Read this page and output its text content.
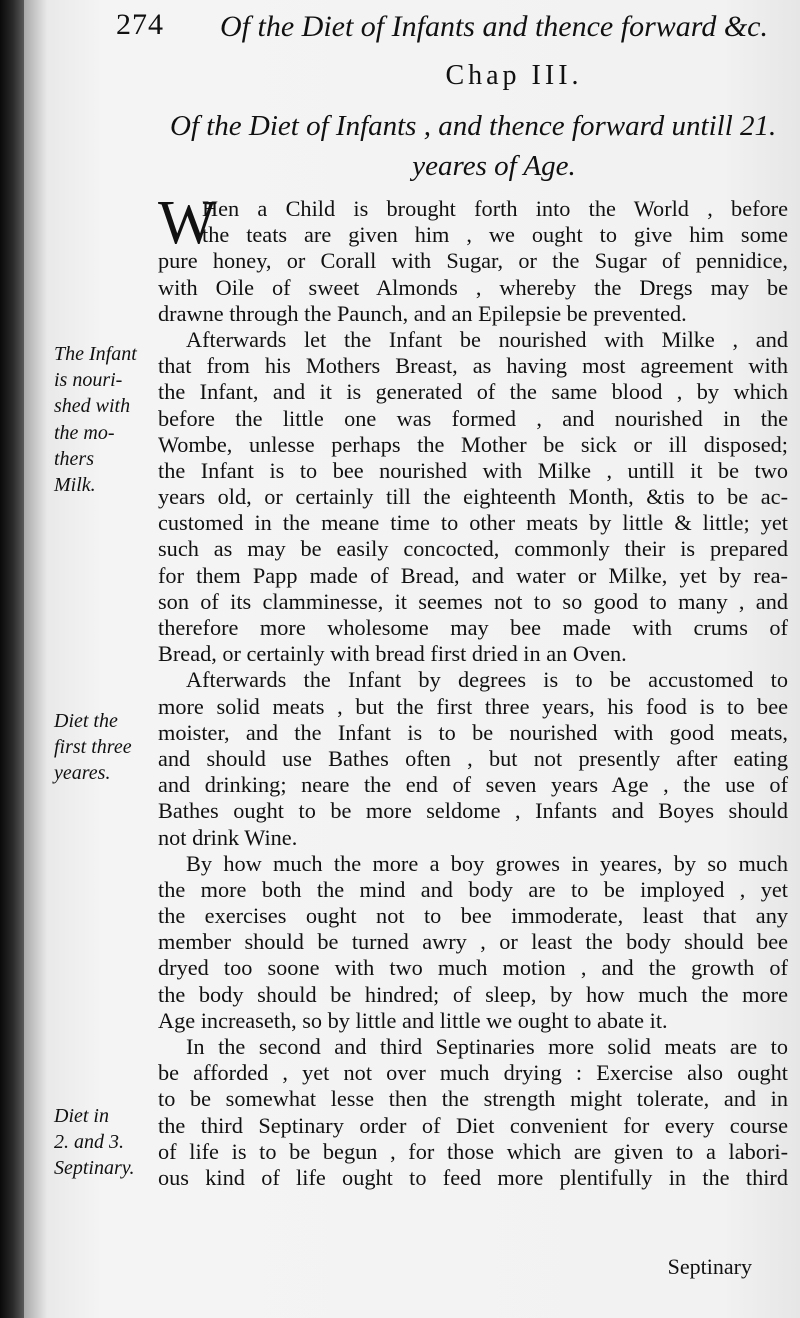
274 Of the Diet of Infants and thence forward &c.
Chap III.
Of the Diet of Infants , and thence forward untill 21.
yeares of Age.
The Infant
is nouri-
shed with
the mo-
thers
Milk.
Diet the
first three
yeares.
Diet in
2. and 3.
Septinary.
W
Hen a Child is brought forth into the World , before
the teats are given him , we ought to give him some
pure honey, or Corall with Sugar, or the Sugar of pennidice,
with Oile of sweet Almonds , whereby the Dregs may be
drawne through the Paunch, and an Epilepsie be prevented.
Afterwards let the Infant be nourished with Milke , and
that from his Mothers Breast, as having most agreement with
the Infant, and it is generated of the same blood , by which
before the little one was formed , and nourished in the
Wombe, unlesse perhaps the Mother be sick or ill disposed;
the Infant is to bee nourished with Milke , untill it be two
years old, or certainly till the eighteenth Month, &tis to be ac-
customed in the meane time to other meats by little & little; yet
such as may be easily concocted, commonly their is prepared
for them Papp made of Bread, and water or Milke, yet by rea-
son of its clamminesse, it seemes not to so good to many , and
therefore more wholesome may bee made with crums of
Bread, or certainly with bread first dried in an Oven.
Afterwards the Infant by degrees is to be accustomed to
more solid meats , but the first three years, his food is to bee
moister, and the Infant is to be nourished with good meats,
and should use Bathes often , but not presently after eating
and drinking; neare the end of seven years Age , the use of
Bathes ought to be more seldome , Infants and Boyes should
not drink Wine.
By how much the more a boy growes in yeares, by so much
the more both the mind and body are to be imployed , yet
the exercises ought not to bee immoderate, least that any
member should be turned awry , or least the body should bee
dryed too soone with two much motion , and the growth of
the body should be hindred; of sleep, by how much the more
Age increaseth, so by little and little we ought to abate it.
In the second and third Septinaries more solid meats are to
be afforded , yet not over much drying : Exercise also ought
to be somewhat lesse then the strength might tolerate, and in
the third Septinary order of Diet convenient for every course
of life is to be begun , for those which are given to a labori-
ous kind of life ought to feed more plentifully in the third
Septinary
